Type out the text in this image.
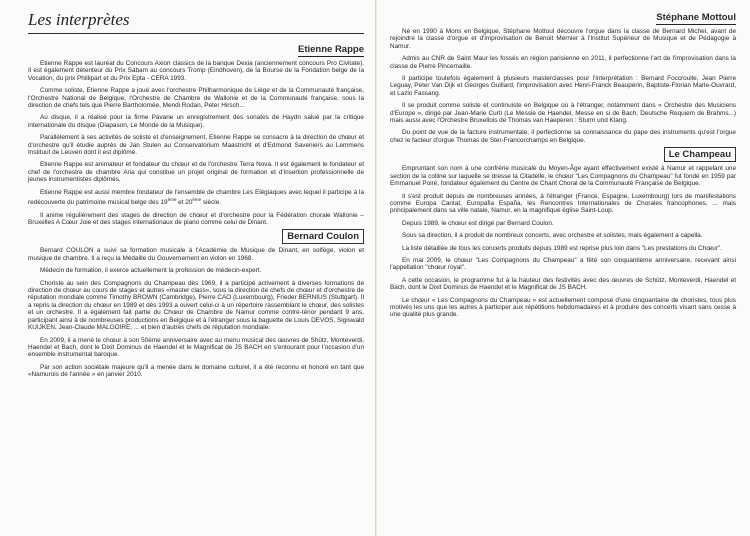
Les interprètes
Etienne Rappe

Etienne Rappe est lauréat du Concours Axion classics de la banque Dexia (anciennement concours Pro Civitate). Il est également détenteur du Prix Sabam au concours Tromp (Eindhoven), de la Bourse de la Fondation belge de la Vocation, du prix Phillipart et du Prix Epta - CERA 1993.

Comme soliste, Etienne Rappe a joué avec l'orchestre Philharmonique de Liège et de la Communauté française, l'Orchestre National de Belgique, l'Orchestre de Chambre de Wallonie et de la Communauté française, sous la direction de chefs tels que Pierre Bartholomée, Mendi Rodan, Peter Hirsch...

Au disque, il a réalisé pour la firme Pavane un enregistrement des sonates de Haydn salué par la critique internationale du disque (Diapason, Le Monde de la Musique).

Parallèlement à ses activités de soliste et d'enseignement, Etienne Rappe se consacre à la direction de chœur et d'orchestre qu'il étudie auprès de Jan Stulen au Conservatorium Maastricht et d'Edmond Saveniers au Lemmens Instituut de Leuven dont il est diplômé.

Etienne Rappe est animateur et fondateur du chœur et de l'orchestre Terra Nova. Il est également le fondateur et chef de l'orchestre de chambre Aria qui constitue un projet original de formation et d'insertion professionnelle de jeunes instrumentistes diplômés.

Etienne Rappe est aussi membre fondateur de l'ensemble de chambre Les Elégiaques avec lequel il participe à la redécouverte du patrimoine musical belge des 19ème et 20ème siècle.

Il anime régulièrement des stages de direction de chœur et d'orchestre pour la Fédération chorale Wallonie – Bruxelles A Cœur Joie et des stages internationaux de piano comme celui de Dinant.

Bernard Coulon

Bernard COULON a suivi sa formation musicale à l'Académie de Musique de Dinant, en solfège, violon et musique de chambre. Il a reçu la Médaille du Gouvernement en violon en 1968.

Médecin de formation, il exerce actuellement la profession de médecin-expert.

Choriste au sein des Compagnons du Champeau dès 1969, il a participé activement à diverses formations de direction de chœur au cours de stages et autres «master class», sous la direction de chefs de chœur et d'orchestre de réputation mondiale comme Timothy BROWN (Cambridge), Pierre CAO (Luxembourg), Frieder BERNIUS (Stuttgart). Il a repris la direction du chœur en 1989 et dès 1993 a ouvert celui-ci à un répertoire rassemblant le chœur, des solistes et un orchestre. Il a également fait partie du Chœur de Chambre de Namur comme contre-ténor pendant 9 ans, participant ainsi à de nombreuses productions en Belgique et à l'étranger sous la baguette de Louis DEVOS, Sigiswald KUIJKEN, Jean-Claude MALGOIRE, ... et bien d'autres chefs de réputation mondiale.

En 2009, il a mené le chœur à son 50ème anniversaire avec au menu musical des œuvres de Shütz, Monteverdi, Haendel et Bach, dont le Dixit Dominus de Haendel et le Magnificat de JS BACH en s'entourant pour l'occasion d'un ensemble instrumental baroque.

Par son action sociétale majeure qu'il a menée dans le domaine culturel, il a été reconnu et honoré en tant que «Namurois de l'année » en janvier 2010.

Stéphane Mottoul

Né en 1990 à Mons en Belgique, Stéphane Mottoul découvre l'orgue dans la classe de Bernard Michel, avant de rejoindre la classe d'orgue et d'improvisation de Benoit Mernier à l'Institut Supérieur de Musique et de Pédagogie à Namur.

Admis au CNR de Saint Maur les fossés en région parisienne en 2011, il perfectionne l'art de l'improvisation dans la classe de Pierre Pincemaille.

Il participe toutefois également à plusieurs masterclasses pour l'interprétation : Bernard Foccroulle, Jean Pierre Leguay, Peter Van Dijk et Georges Guillard, l'improvisation avec Henri-Franck Beaupérin, Baptiste-Florian Marle-Ouvrard, et Lazlo Fassang.

Il se produit comme soliste et continuiste en Belgique où à l'étranger, notamment dans « Orchestre des Musiciens d'Europe », dirigé par Jean-Marie Curti (Le Messie de Haendel, Messe en si de Bach, Deutsche Requiem de Brahms...) mais aussi avec l'Orchestre Bruxellois de Thomas van Haeperen : Sturm und Klang.

Du point de vue de la facture instrumentale, il perfectionne sa connaissance du pape des instruments qu'est l'orgue chez le facteur d'orgue Thomas de Ster-Francorchamps en Belgique.

Le Champeau

Empruntant son nom à une confrérie musicale du Moyen-Âge ayant effectivement existé à Namur et rappelant une section de la colline sur laquelle se dresse la Citadelle, le chœur "Les Compagnons du Champeau" fut fondé en 1959 par Emmanuel Poiré, fondateur également du Centre de Chant Choral de la Communauté Française de Belgique.

Il s'est produit depuis de nombreuses années, à l'étranger (France, Espagne, Luxembourg) lors de manifestations comme Europa Cantat, Europafia España, les Rencontres Internationales de Chorales francophones, ... mais principalement dans sa ville natale, Namur, en la magnifique église Saint-Loup.

Depuis 1989, le chœur est dirigé par Bernard Coulon.

Sous sa direction, il a produit de nombreux concerts, avec orchestre et solistes, mais également a capella.

La liste détaillée de tous les concerts produits depuis 1989 est reprise plus loin dans "Les prestations du Chœur".

En mai 2009, le chœur "Les Compagnons du Champeau" a fêté son cinquantième anniversaire, recevant ainsi l'appellation "chœur royal".

A cette occasion, le programme fut à la hauteur des festivités avec des œuvres de Schütz, Monteverdi, Haendel et Bach, dont le Dixit Dominus de Haendel et le Magnificat de JS BACH.

Le chœur « Les Compagnons du Champeau » est actuellement composé d'une cinquantaine de choristes, tous plus motivés les uns que les autres à participer aux répétitions hebdomadaires et à produire des concerts visant sans cesse à une qualité plus grande.
